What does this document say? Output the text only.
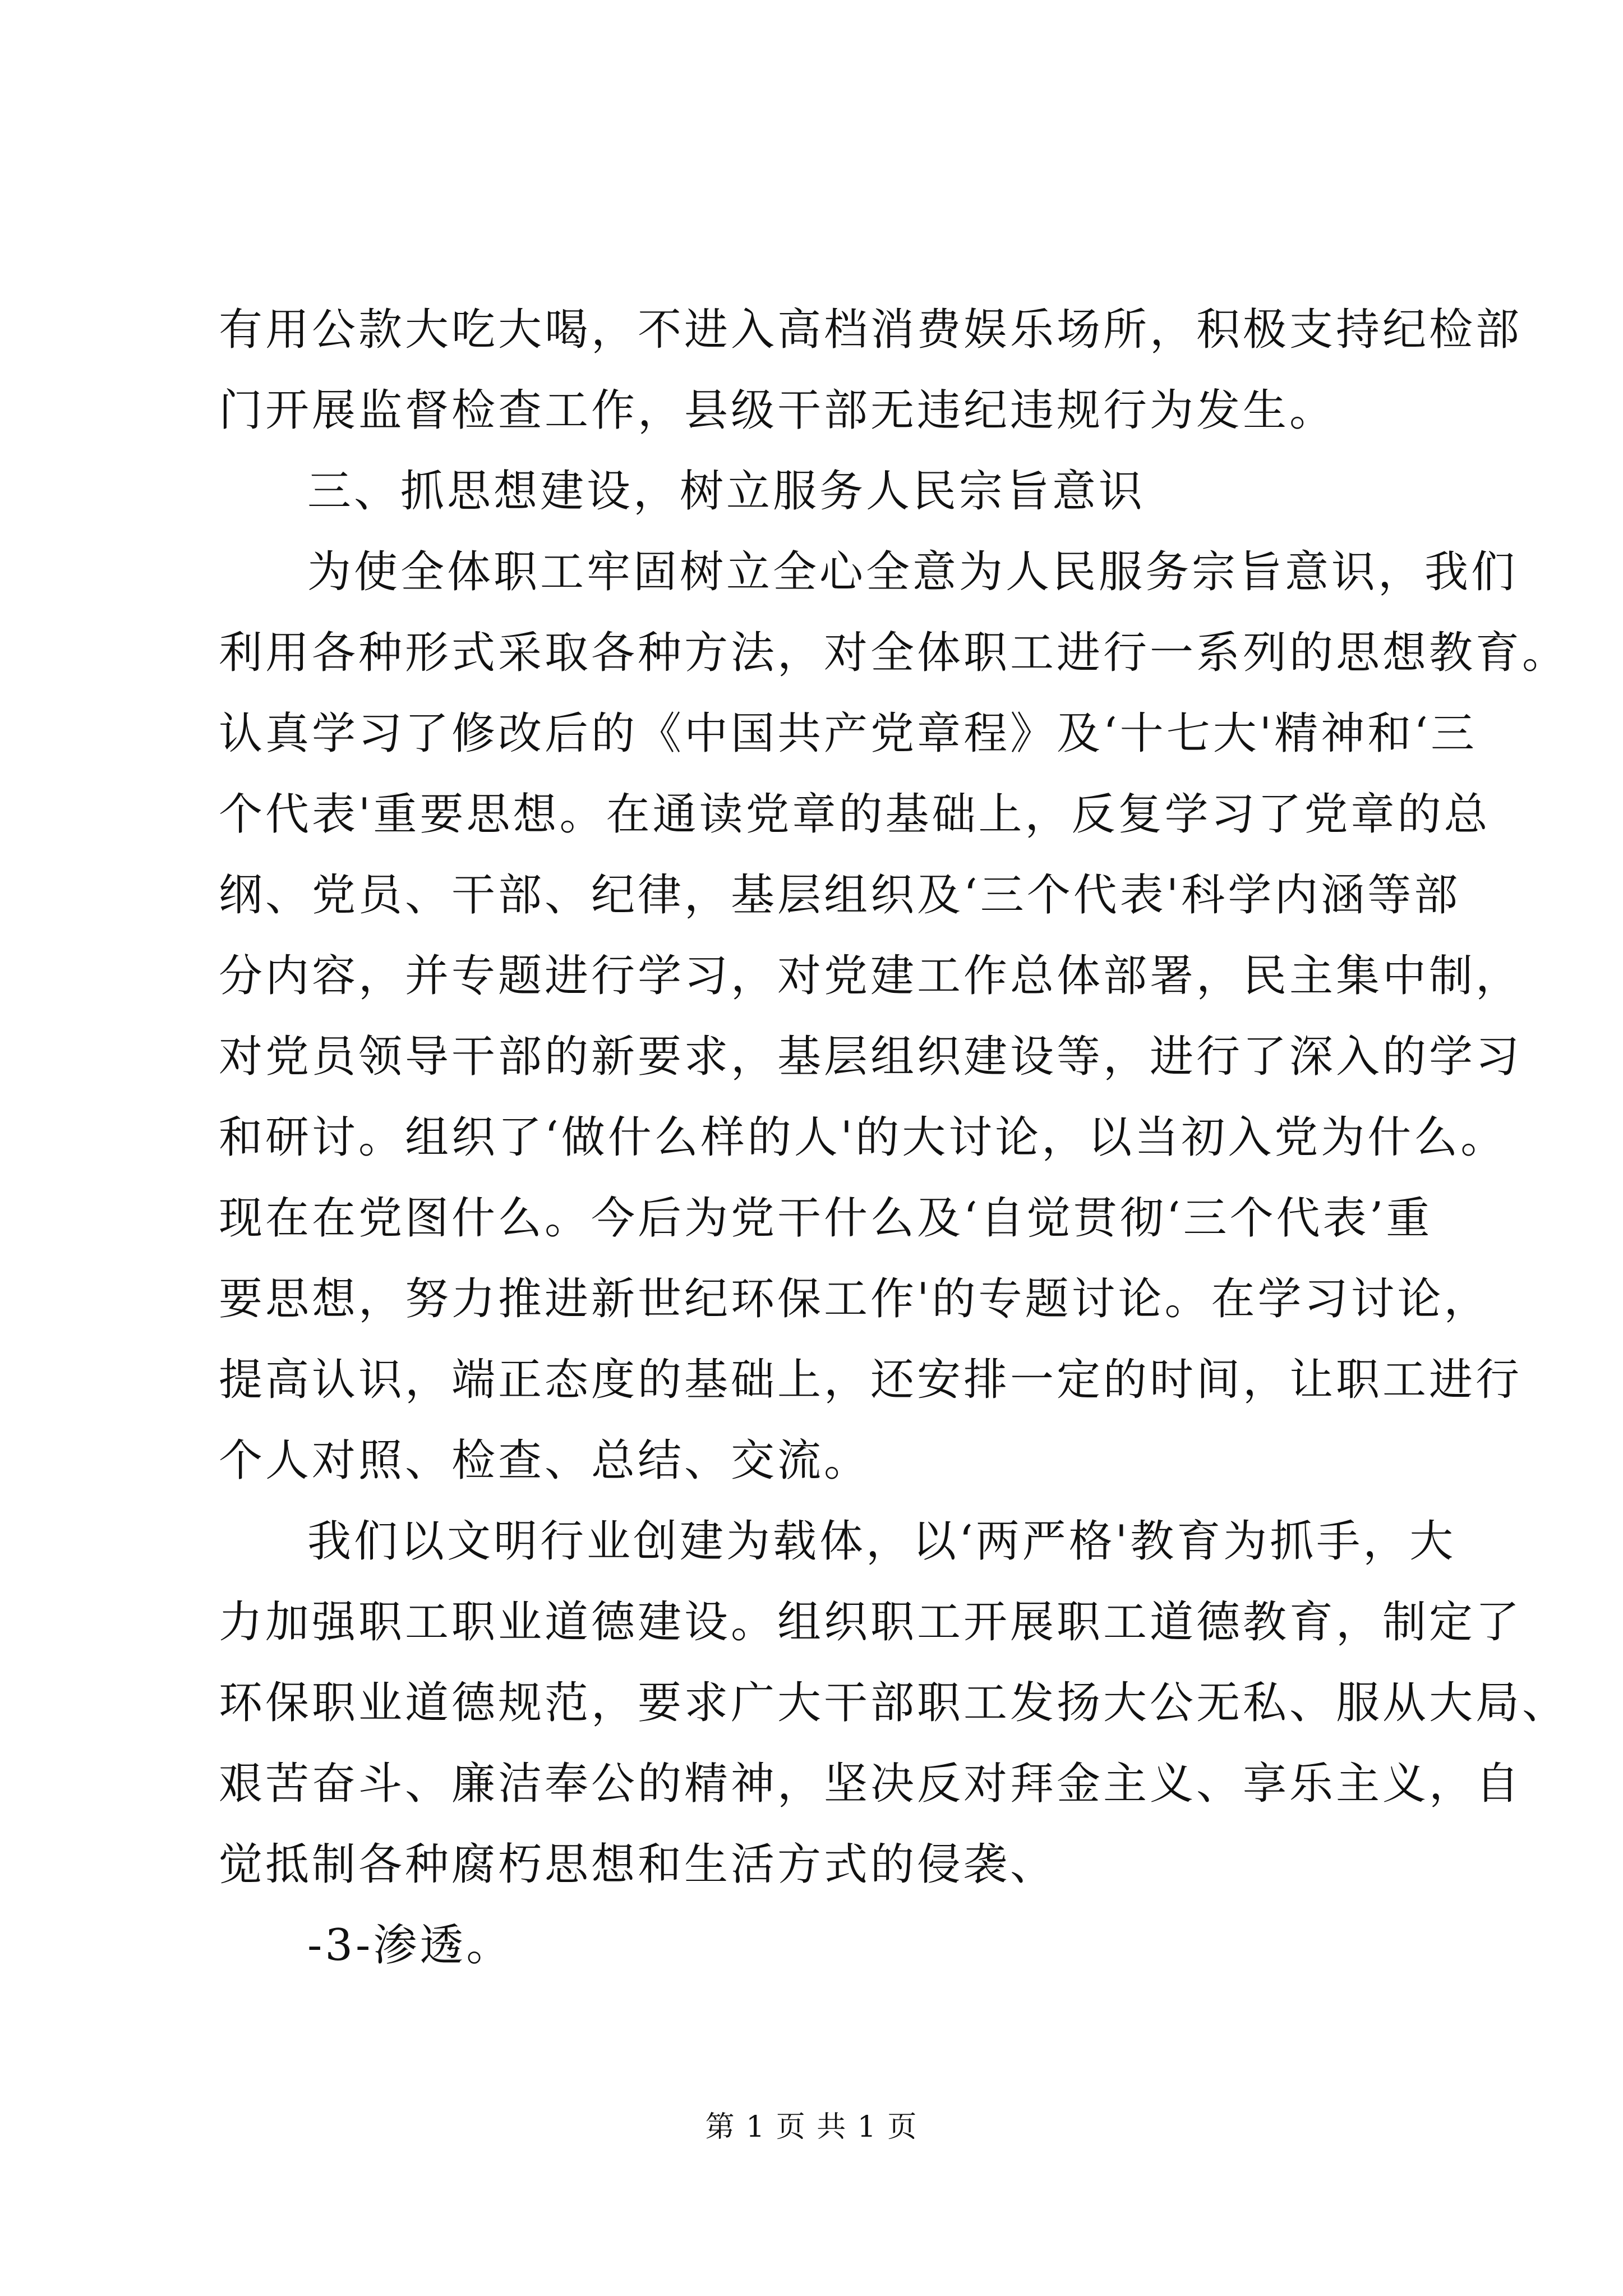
有用公款大吃大喝，不进入高档消费娱乐场所，积极支持纪检部

门开展监督检查工作，县级干部无违纪违规行为发生。

三、抓思想建设，树立服务人民宗旨意识

为使全体职工牢固树立全心全意为人民服务宗旨意识，我们

利用各种形式采取各种方法，对全体职工进行一系列的思想教育。

认真学习了修改后的《中国共产党章程》及‘十七大'精神和‘三

个代表'重要思想。在通读党章的基础上，反复学习了党章的总

纲、党员、干部、纪律，基层组织及‘三个代表'科学内涵等部

分内容，并专题进行学习，对党建工作总体部署，民主集中制，

对党员领导干部的新要求，基层组织建设等，进行了深入的学习

和研讨。组织了‘做什么样的人'的大讨论，以当初入党为什么。

现在在党图什么。今后为党干什么及‘自觉贯彻‘三个代表’重

要思想，努力推进新世纪环保工作'的专题讨论。在学习讨论，

提高认识，端正态度的基础上，还安排一定的时间，让职工进行

个人对照、检查、总结、交流。

我们以文明行业创建为载体，以‘两严格'教育为抓手，大

力加强职工职业道德建设。组织职工开展职工道德教育，制定了

环保职业道德规范，要求广大干部职工发扬大公无私、服从大局、

艰苦奋斗、廉洁奉公的精神，坚决反对拜金主义、享乐主义，自

觉抵制各种腐朽思想和生活方式的侵袭、

-3-渗透。

第 1 页 共 1 页
